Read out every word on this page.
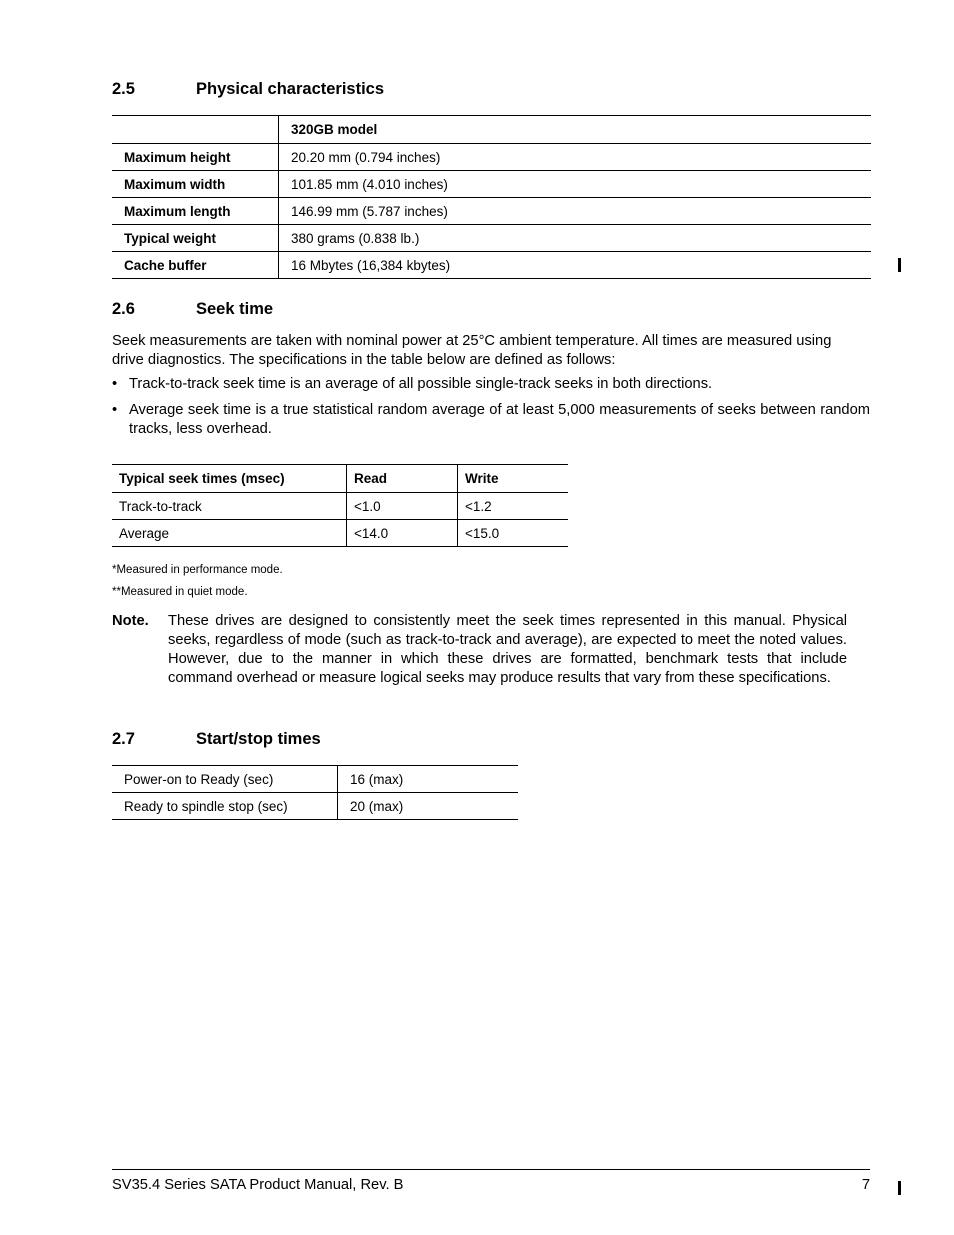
2.5	Physical characteristics
	320GB model
Maximum height	20.20 mm (0.794 inches)
Maximum width	101.85 mm (4.010 inches)
Maximum length	146.99 mm (5.787 inches)
Typical weight	380 grams (0.838 lb.)
Cache buffer	16 Mbytes (16,384 kbytes)
2.6	Seek time
Seek measurements are taken with nominal power at 25°C ambient temperature. All times are measured using
drive diagnostics. The specifications in the table below are defined as follows:
• Track-to-track seek time is an average of all possible single-track seeks in both directions.
• Average seek time is a true statistical random average of at least 5,000 measurements of seeks between random tracks, less overhead.
Typical seek times (msec)	Read	Write
Track-to-track	<1.0	<1.2
Average	<14.0	<15.0
*Measured in performance mode.
**Measured in quiet mode.
Note. These drives are designed to consistently meet the seek times represented in this manual. Physical seeks, regardless of mode (such as track-to-track and average), are expected to meet the noted values. However, due to the manner in which these drives are formatted, benchmark tests that include command overhead or measure logical seeks may produce results that vary from these specifications.
2.7	Start/stop times
Power-on to Ready (sec)	16 (max)
Ready to spindle stop (sec)	20 (max)
SV35.4 Series SATA Product Manual, Rev. B	7
